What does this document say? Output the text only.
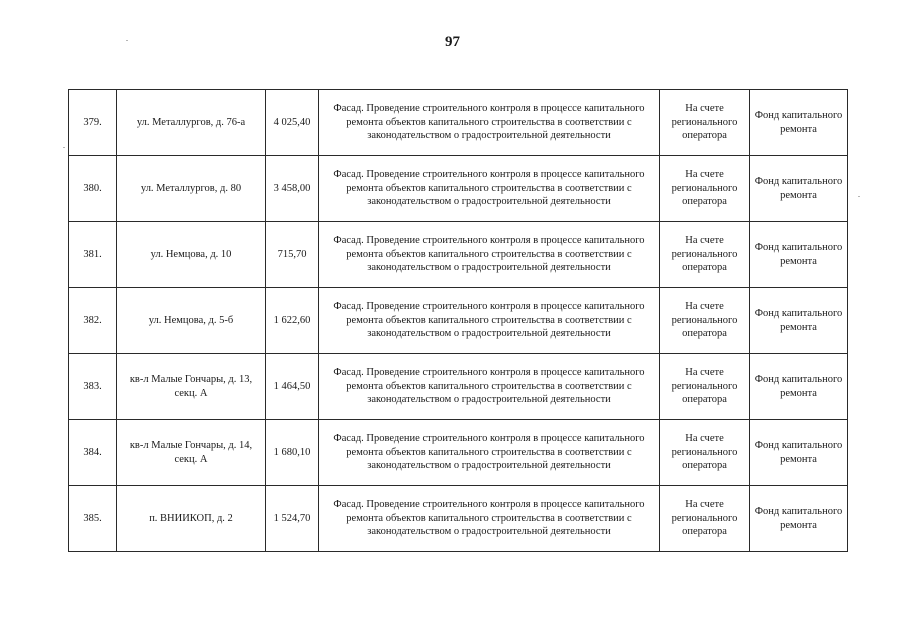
97
379.	ул. Металлургов, д. 76-а	4 025,40	Фасад. Проведение строительного контроля в процессе капитального ремонта объектов капитального строительства в соответствии с законодательством о градостроительной деятельности	На счете регионального оператора	Фонд капитального ремонта
380.	ул. Металлургов, д. 80	3 458,00	Фасад. Проведение строительного контроля в процессе капитального ремонта объектов капитального строительства в соответствии с законодательством о градостроительной деятельности	На счете регионального оператора	Фонд капитального ремонта
381.	ул. Немцова, д. 10	715,70	Фасад. Проведение строительного контроля в процессе капитального ремонта объектов капитального строительства в соответствии с законодательством о градостроительной деятельности	На счете регионального оператора	Фонд капитального ремонта
382.	ул. Немцова, д. 5-б	1 622,60	Фасад. Проведение строительного контроля в процессе капитального ремонта объектов капитального строительства в соответствии с законодательством о градостроительной деятельности	На счете регионального оператора	Фонд капитального ремонта
383.	кв-л Малые Гончары, д. 13, секц. А	1 464,50	Фасад. Проведение строительного контроля в процессе капитального ремонта объектов капитального строительства в соответствии с законодательством о градостроительной деятельности	На счете регионального оператора	Фонд капитального ремонта
384.	кв-л Малые Гончары, д. 14, секц. А	1 680,10	Фасад. Проведение строительного контроля в процессе капитального ремонта объектов капитального строительства в соответствии с законодательством о градостроительной деятельности	На счете регионального оператора	Фонд капитального ремонта
385.	п. ВНИИКОП, д. 2	1 524,70	Фасад. Проведение строительного контроля в процессе капитального ремонта объектов капитального строительства в соответствии с законодательством о градостроительной деятельности	На счете регионального оператора	Фонд капитального ремонта
